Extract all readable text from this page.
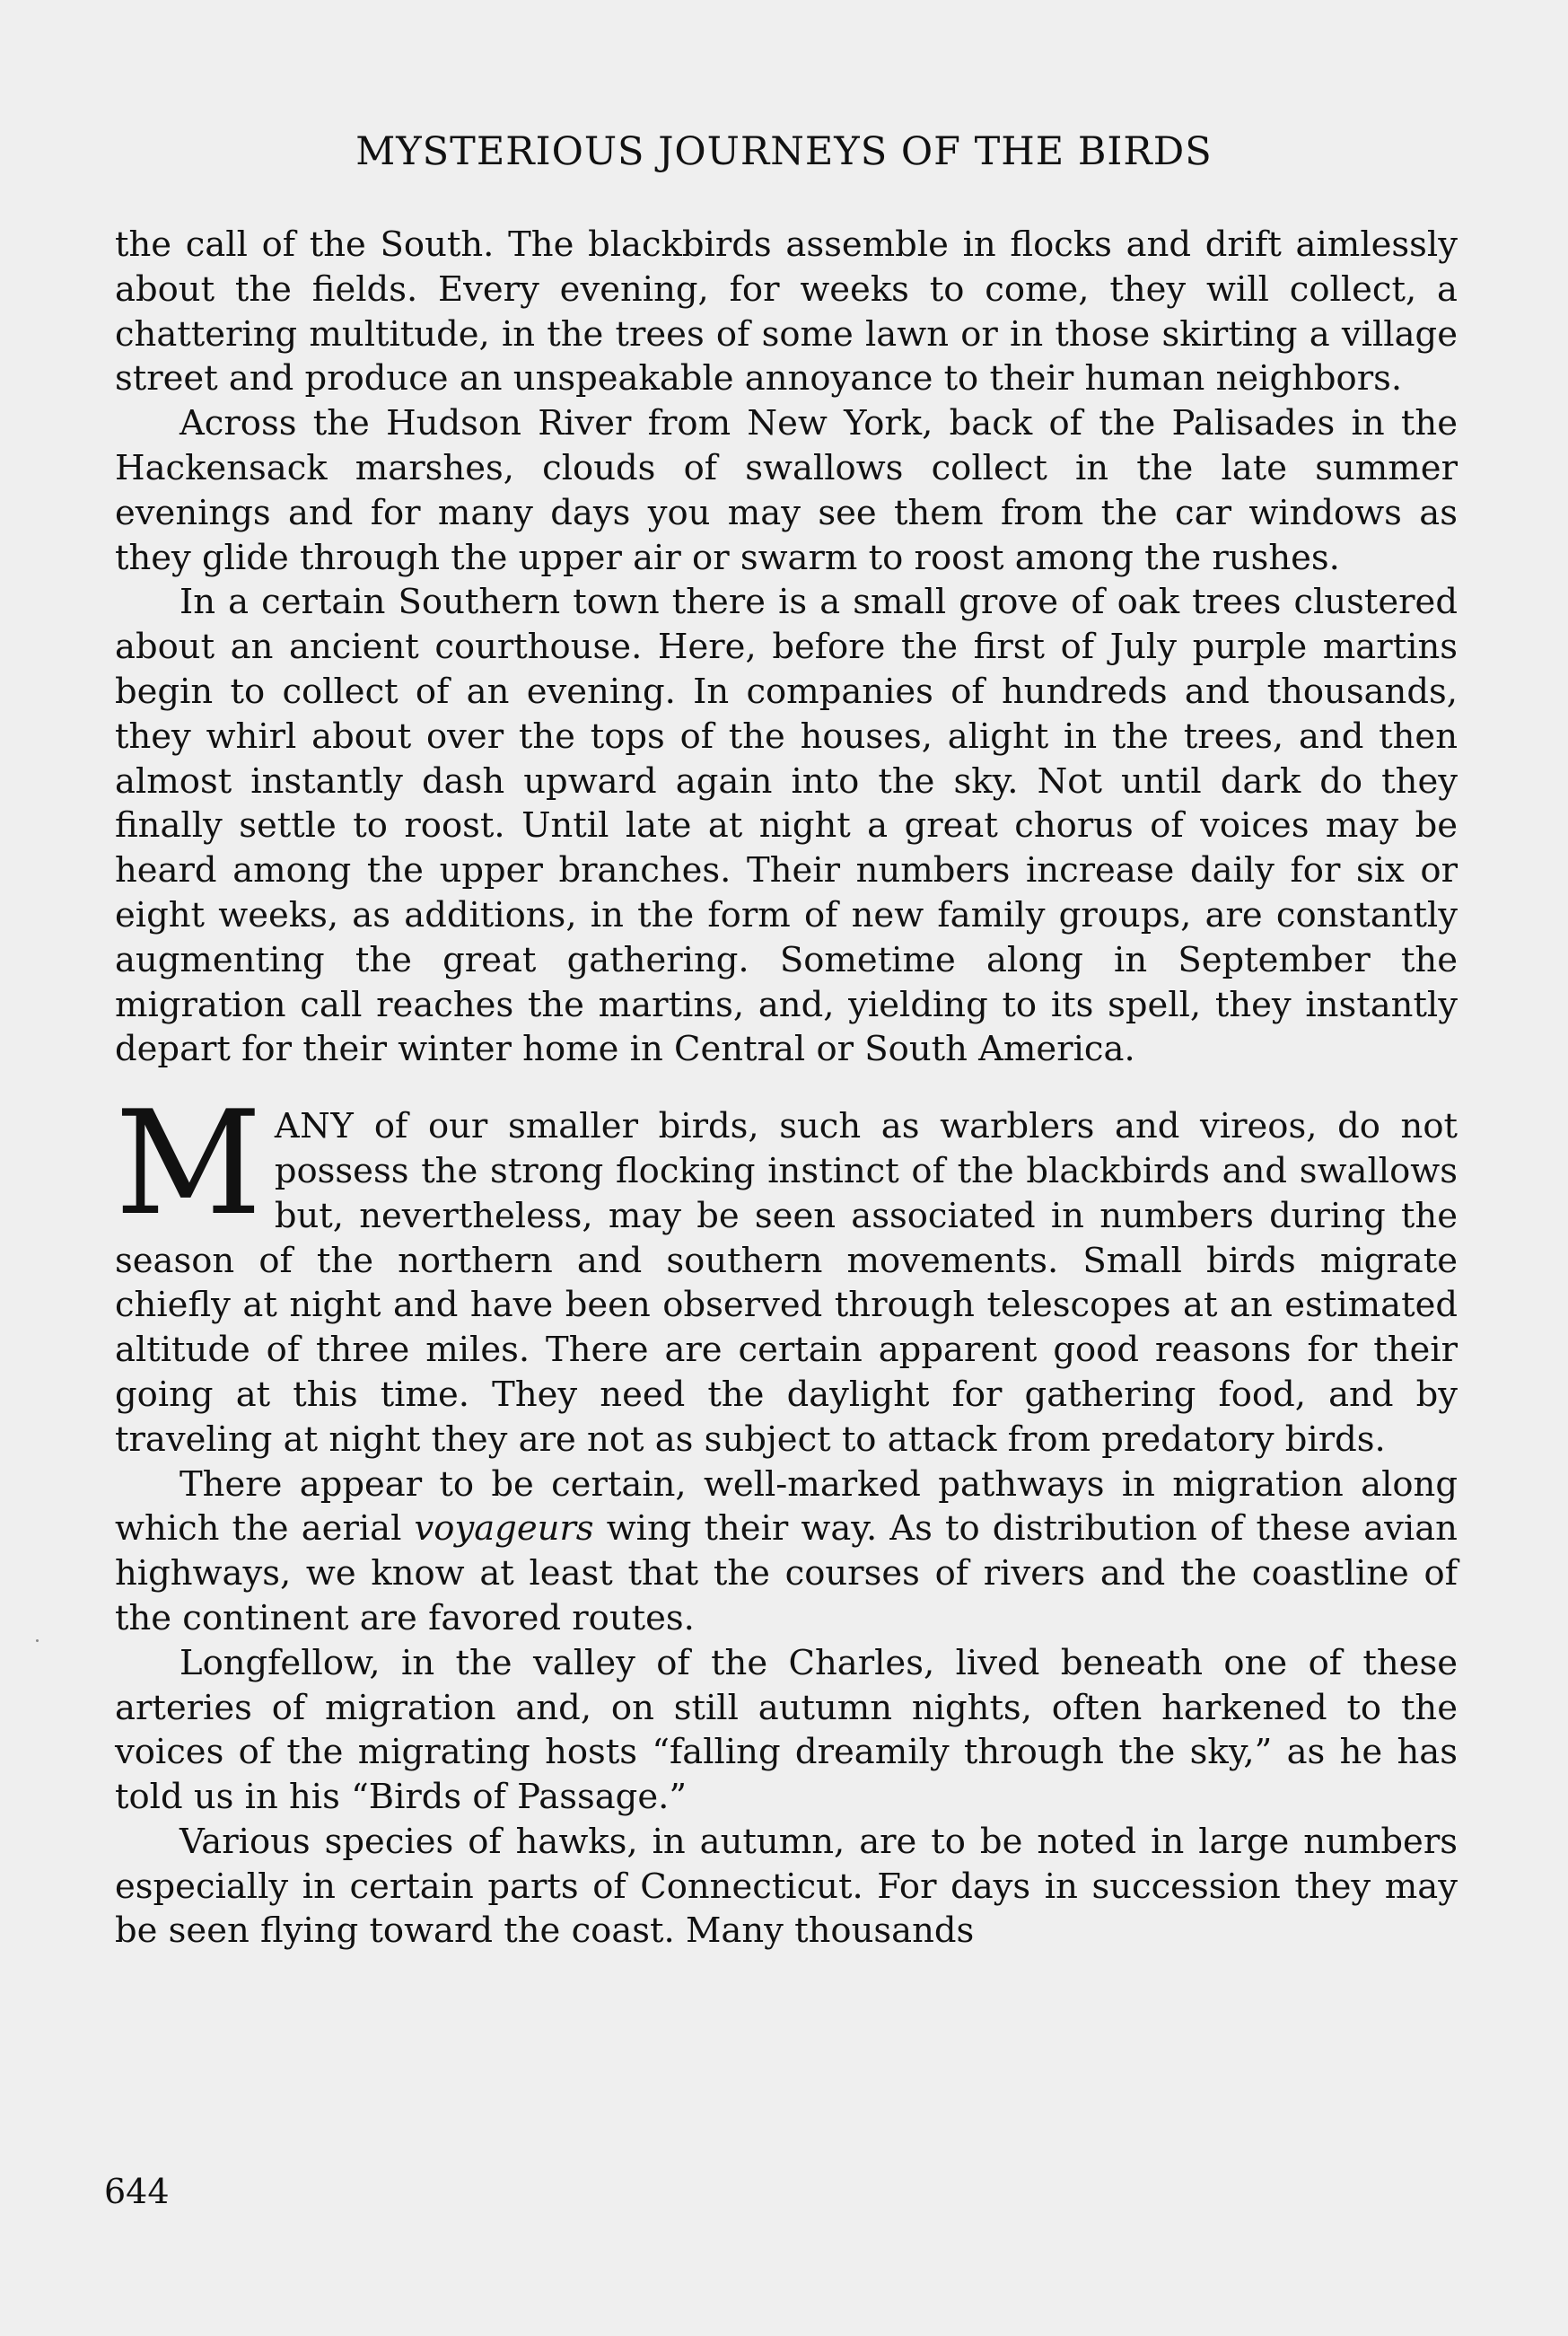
MYSTERIOUS JOURNEYS OF THE BIRDS

the call of the South. The blackbirds assemble in flocks and drift aimlessly about the fields. Every evening, for weeks to come, they will collect, a chattering multitude, in the trees of some lawn or in those skirting a village street and produce an unspeakable annoyance to their human neighbors.

Across the Hudson River from New York, back of the Palisades in the Hackensack marshes, clouds of swallows collect in the late summer evenings and for many days you may see them from the car windows as they glide through the upper air or swarm to roost among the rushes.

In a certain Southern town there is a small grove of oak trees clustered about an ancient courthouse. Here, before the first of July purple martins begin to collect of an evening. In companies of hundreds and thousands, they whirl about over the tops of the houses, alight in the trees, and then almost instantly dash upward again into the sky. Not until dark do they finally settle to roost. Until late at night a great chorus of voices may be heard among the upper branches. Their numbers increase daily for six or eight weeks, as additions, in the form of new family groups, are constantly augmenting the great gathering. Sometime along in September the migration call reaches the martins, and, yielding to its spell, they instantly depart for their winter home in Central or South America.

MANY of our smaller birds, such as warblers and vireos, do not possess the strong flocking instinct of the blackbirds and swallows but, nevertheless, may be seen associated in numbers during the season of the northern and southern movements. Small birds migrate chiefly at night and have been observed through telescopes at an estimated altitude of three miles. There are certain apparent good reasons for their going at this time. They need the daylight for gathering food, and by traveling at night they are not as subject to attack from predatory birds.

There appear to be certain, well-marked pathways in migration along which the aerial voyageurs wing their way. As to distribution of these avian highways, we know at least that the courses of rivers and the coastline of the continent are favored routes.

Longfellow, in the valley of the Charles, lived beneath one of these arteries of migration and, on still autumn nights, often harkened to the voices of the migrating hosts “falling dreamily through the sky,” as he has told us in his “Birds of Passage.”

Various species of hawks, in autumn, are to be noted in large numbers especially in certain parts of Connecticut. For days in succession they may be seen flying toward the coast. Many thousands

644
